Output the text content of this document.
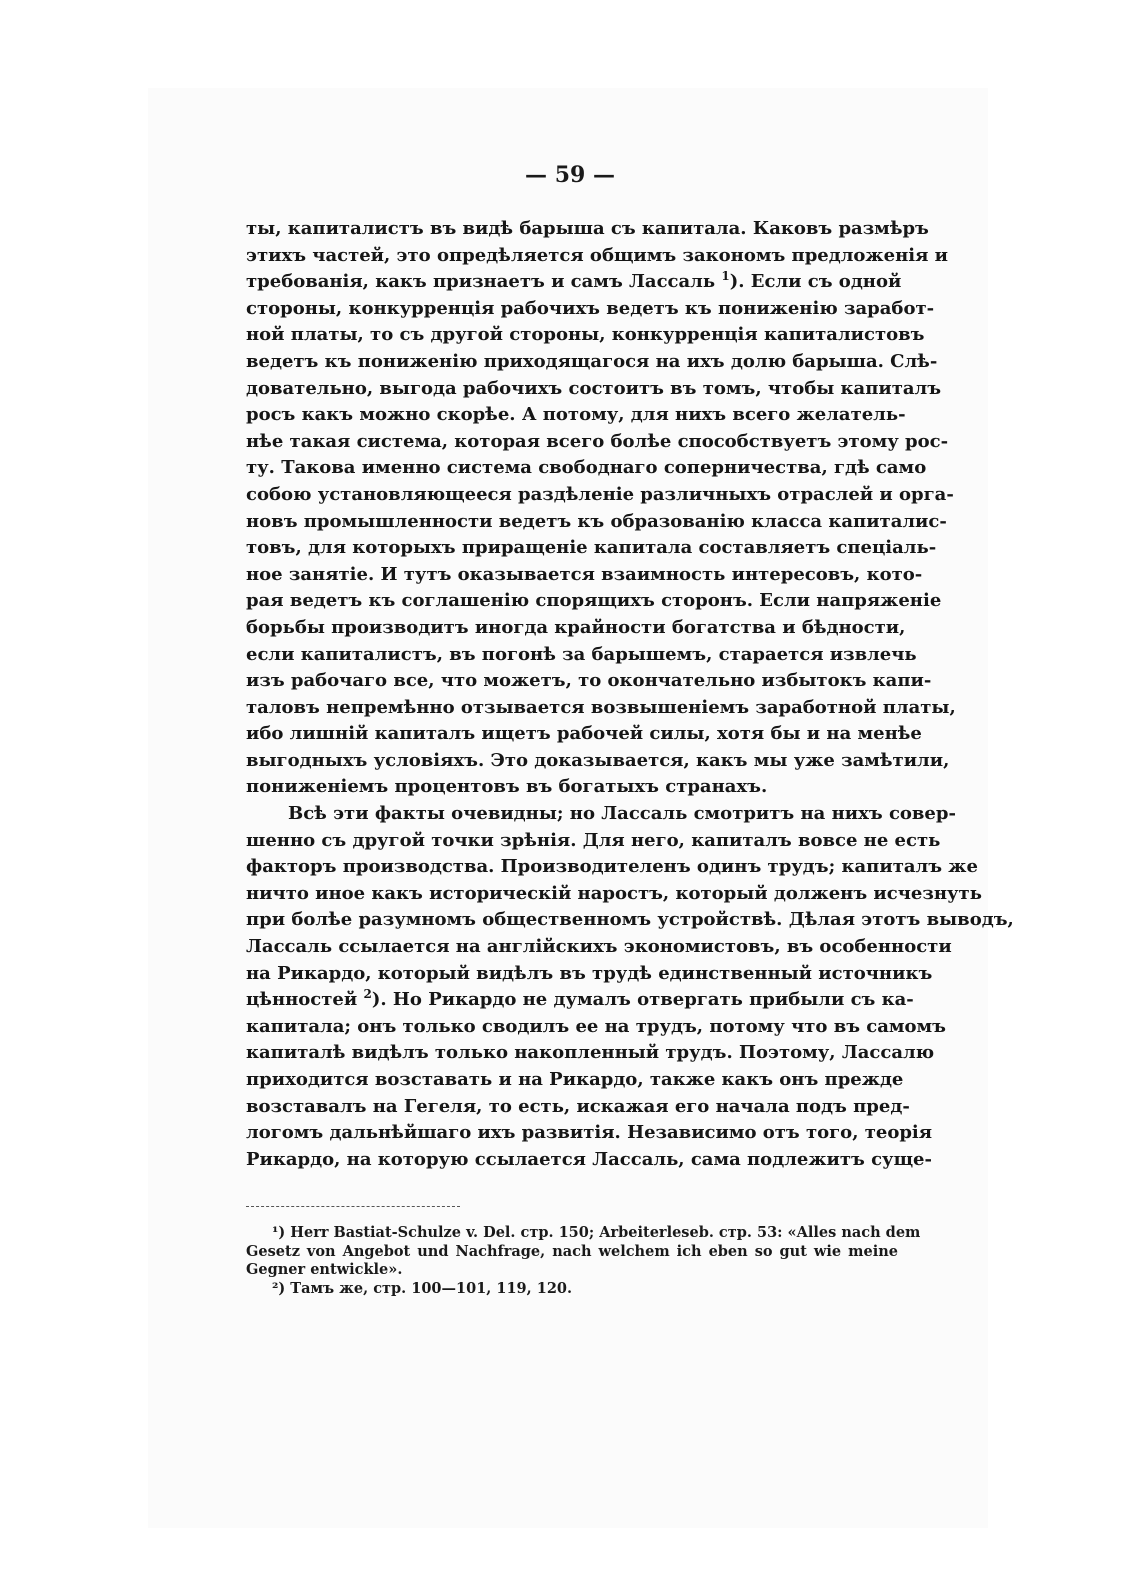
— 59 —
ты, капиталистъ въ видѣ барыша съ капитала. Каковъ размѣръ
этихъ частей, это опредѣляется общимъ закономъ предложенія и
требованія, какъ признаетъ и самъ Лассаль $^1$). Если съ одной
стороны, конкурренція рабочихъ ведетъ къ пониженію заработ-
ной платы, то съ другой стороны, конкурренція капиталистовъ
ведетъ къ пониженію приходящагося на ихъ долю барыша. Слѣ-
довательно, выгода рабочихъ состоитъ въ томъ, чтобы капиталъ
росъ какъ можно скорѣе. А потому, для нихъ всего желатель-
нѣе такая система, которая всего болѣе способствуетъ этому рос-
ту. Такова именно система свободнаго соперничества, гдѣ само
собою установляющееся раздѣленіе различныхъ отраслей и орга-
новъ промышленности ведетъ къ образованію класса капиталис-
товъ, для которыхъ приращеніе капитала составляетъ спеціаль-
ное занятіе. И тутъ оказывается взаимность интересовъ, кото-
рая ведетъ къ соглашенію спорящихъ сторонъ. Если напряженіе
борьбы производитъ иногда крайности богатства и бѣдности,
если капиталистъ, въ погонѣ за барышемъ, старается извлечь
изъ рабочаго все, что можетъ, то окончательно избытокъ капи-
таловъ непремѣнно отзывается возвышеніемъ заработной платы,
ибо лишній капиталъ ищетъ рабочей силы, хотя бы и на менѣе
выгодныхъ условіяхъ. Это доказывается, какъ мы уже замѣтили,
пониженіемъ процентовъ въ богатыхъ странахъ.
Всѣ эти факты очевидны; но Лассаль смотритъ на нихъ совер-
шенно съ другой точки зрѣнія. Для него, капиталъ вовсе не есть
факторъ производства. Производителенъ одинъ трудъ; капиталъ же
ничто иное какъ историческій наростъ, который долженъ исчезнуть
при болѣе разумномъ общественномъ устройствѣ. Дѣлая этотъ выводъ,
Лассаль ссылается на англійскихъ экономистовъ, въ особенности
на Рикардо, который видѣлъ въ трудѣ единственный источникъ
цѣнностей $^2$). Но Рикардо не думалъ отвергать прибыли съ ка-
капитала; онъ только сводилъ ее на трудъ, потому что въ самомъ
капиталѣ видѣлъ только накопленный трудъ. Поэтому, Лассалю
приходится возставать и на Рикардо, также какъ онъ прежде
возставалъ на Гегеля, то есть, искажая его начала подъ пред-
логомъ дальнѣйшаго ихъ развитія. Независимо отъ того, теорія
Рикардо, на которую ссылается Лассаль, сама подлежитъ суще-
¹) Herr Bastiat-Schulze v. Del. стр. 150; Arbeiterleseb. стр. 53: «Alles nach dem
Gesetz von Angebot und Nachfrage, nach welchem ich eben so gut wie meine
Gegner entwickle».
²) Тамъ же, стр. 100—101, 119, 120.
